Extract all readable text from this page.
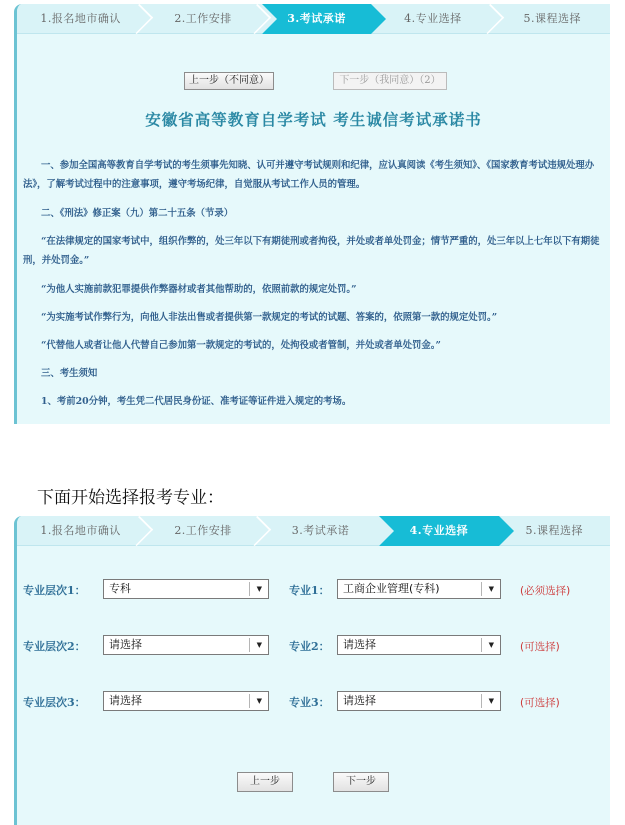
1.报名地市确认	2.工作安排	3.考试承诺	4.专业选择	5.课程选择
上一步（不同意）	下一步（我同意）（2）
安徽省高等教育自学考试 考生诚信考试承诺书
一、参加全国高等教育自学考试的考生须事先知晓、认可并遵守考试规则和纪律，应认真阅读《考生须知》、《国家教育考试违规处理办法》，了解考试过程中的注意事项，遵守考场纪律，自觉服从考试工作人员的管理。
二、《刑法》修正案（九）第二十五条（节录）
“在法律规定的国家考试中，组织作弊的，处三年以下有期徒刑或者拘役，并处或者单处罚金；情节严重的，处三年以上七年以下有期徒刑，并处罚金。”
“为他人实施前款犯罪提供作弊器材或者其他帮助的，依照前款的规定处罚。”
“为实施考试作弊行为，向他人非法出售或者提供第一款规定的考试的试题、答案的，依照第一款的规定处罚。”
“代替他人或者让他人代替自己参加第一款规定的考试的，处拘役或者管制，并处或者单处罚金。”
三、考生须知
1、考前20分钟，考生凭二代居民身份证、准考证等证件进入规定的考场。
下面开始选择报考专业：
1.报名地市确认	2.工作安排	3.考试承诺	4.专业选择	5.课程选择
专业层次1：	专科	▼ 专业1：	工商企业管理(专科)	▼ (必须选择)
专业层次2：	请选择	▼ 专业2：	请选择	▼ (可选择)
专业层次3：	请选择	▼ 专业3：	请选择	▼ (可选择)
上一步	下一步
